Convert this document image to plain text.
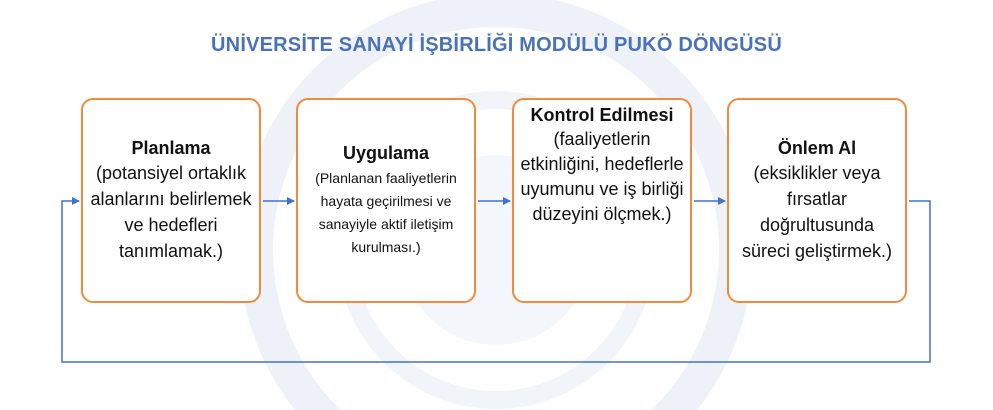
ÜNİVERSİTE SANAYİ İŞBİRLİĞİ MODÜLÜ PUKÖ DÖNGÜSÜ
Planlama
(potansiyel ortaklık alanlarını belirlemek ve hedefleri tanımlamak.)
Uygulama
(Planlanan faaliyetlerin hayata geçirilmesi ve sanayiyle aktif iletişim kurulması.)
Kontrol Edilmesi
(faaliyetlerin etkinliğini, hedeflerle uyumunu ve iş birliği düzeyini ölçmek.)
Önlem Al
(eksiklikler veya fırsatlar doğrultusunda süreci geliştirmek.)
